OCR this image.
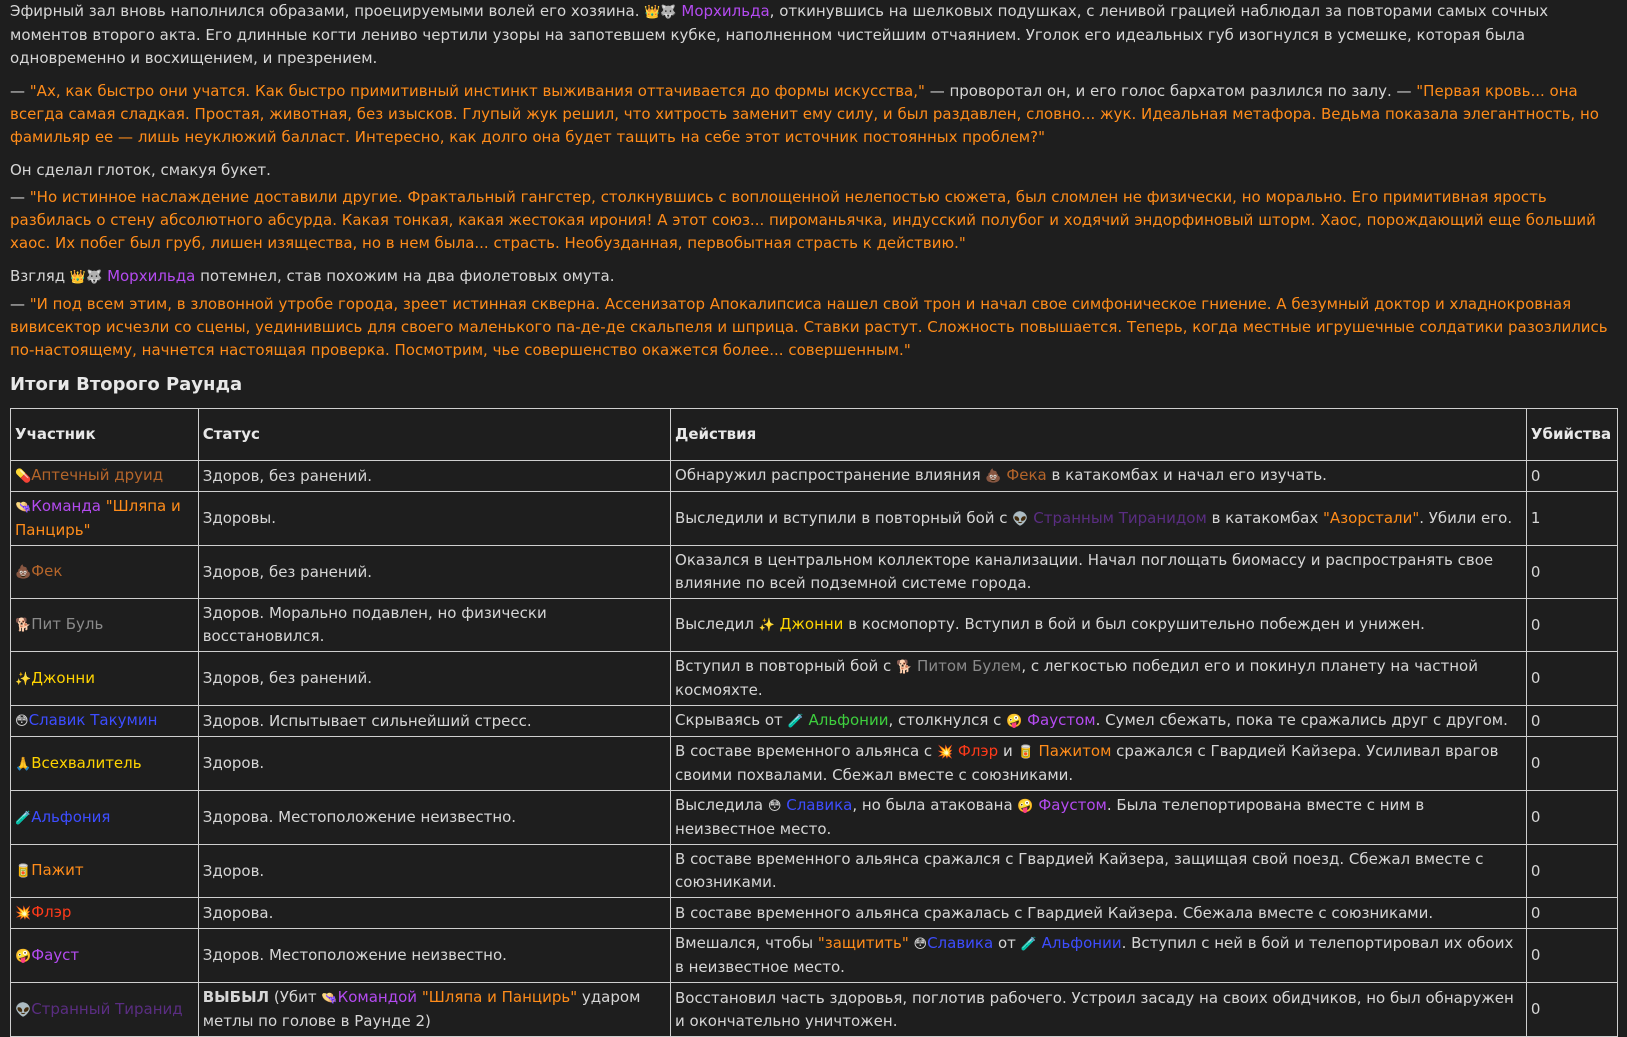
Эфирный зал вновь наполнился образами, проецируемыми волей его хозяина. 👑🐺 Морхильда, откинувшись на шелковых подушках, с ленивой грацией наблюдал за повторами самых сочных моментов второго акта. Его длинные когти лениво чертили узоры на запотевшем кубке, наполненном чистейшим отчаянием. Уголок его идеальных губ изогнулся в усмешке, которая была одновременно и восхищением, и презрением.

— "Ах, как быстро они учатся. Как быстро примитивный инстинкт выживания оттачивается до формы искусства," — проворотал он, и его голос бархатом разлился по залу. — "Первая кровь... она всегда самая сладкая. Простая, животная, без изысков. Глупый жук решил, что хитрость заменит ему силу, и был раздавлен, словно... жук. Идеальная метафора. Ведьма показала элегантность, но фамильяр ее — лишь неуклюжий балласт. Интересно, как долго она будет тащить на себе этот источник постоянных проблем?"

Он сделал глоток, смакуя букет.

— "Но истинное наслаждение доставили другие. Фрактальный гангстер, столкнувшись с воплощенной нелепостью сюжета, был сломлен не физически, но морально. Его примитивная ярость разбилась о стену абсолютного абсурда. Какая тонкая, какая жестокая ирония! А этот союз... пироманьячка, индусский полубог и ходячий эндорфиновый шторм. Хаос, порождающий еще больший хаос. Их побег был груб, лишен изящества, но в нем была... страсть. Необузданная, первобытная страсть к действию."

Взгляд 👑🐺 Морхильда потемнел, став похожим на два фиолетовых омута.

— "И под всем этим, в зловонной утробе города, зреет истинная скверна. Ассенизатор Апокалипсиса нашел свой трон и начал свое симфоническое гниение. А безумный доктор и хладнокровная вивисектор исчезли со сцены, уединившись для своего маленького па-де-де скальпеля и шприца. Ставки растут. Сложность повышается. Теперь, когда местные игрушечные солдатики разозлились по-настоящему, начнется настоящая проверка. Посмотрим, чье совершенство окажется более... совершенным."

Итоги Второго Раунда
Участник	Статус	Действия	Убийства
💊Аптечный друид	Здоров, без ранений.	Обнаружил распространение влияния 💩 Фека в катакомбах и начал его изучать.	0
👒Команда "Шляпа и Панцирь"	Здоровы.	Выследили и вступили в повторный бой с 👽 Странным Тиранидом в катакомбах "Азорстали". Убили его.	1
💩Фек	Здоров, без ранений.	Оказался в центральном коллекторе канализации. Начал поглощать биомассу и распространять свое влияние по всей подземной системе города.	0
🐕Пит Буль	Здоров. Морально подавлен, но физически восстановился.	Выследил ✨ Джонни в космопорту. Вступил в бой и был сокрушительно побежден и унижен.	0
✨Джонни	Здоров, без ранений.	Вступил в повторный бой с 🐕 Питом Булем, с легкостью победил его и покинул планету на частной космояхте.	0
😳Славик Такумин	Здоров. Испытывает сильнейший стресс.	Скрываясь от 🧪 Альфонии, столкнулся с 🤪 Фаустом. Сумел сбежать, пока те сражались друг с другом.	0
🙏Всехвалитель	Здоров.	В составе временного альянса с 💥 Флэр и 🥫 Пажитом сражался с Гвардией Кайзера. Усиливал врагов своими похвалами. Сбежал вместе с союзниками.	0
🧪Альфония	Здорова. Местоположение неизвестно.	Выследила 😳 Славика, но была атакована 🤪 Фаустом. Была телепортирована вместе с ним в неизвестное место.	0
🥫Пажит	Здоров.	В составе временного альянса сражался с Гвардией Кайзера, защищая свой поезд. Сбежал вместе с союзниками.	0
💥Флэр	Здорова.	В составе временного альянса сражалась с Гвардией Кайзера. Сбежала вместе с союзниками.	0
🤪Фауст	Здоров. Местоположение неизвестно.	Вмешался, чтобы "защитить" 😳Славика от 🧪 Альфонии. Вступил с ней в бой и телепортировал их обоих в неизвестное место.	0
👽Странный Тиранид	ВЫБЫЛ (Убит 👒Командой "Шляпа и Панцирь" ударом метлы по голове в Раунде 2)	Восстановил часть здоровья, поглотив рабочего. Устроил засаду на своих обидчиков, но был обнаружен и окончательно уничтожен.	0
